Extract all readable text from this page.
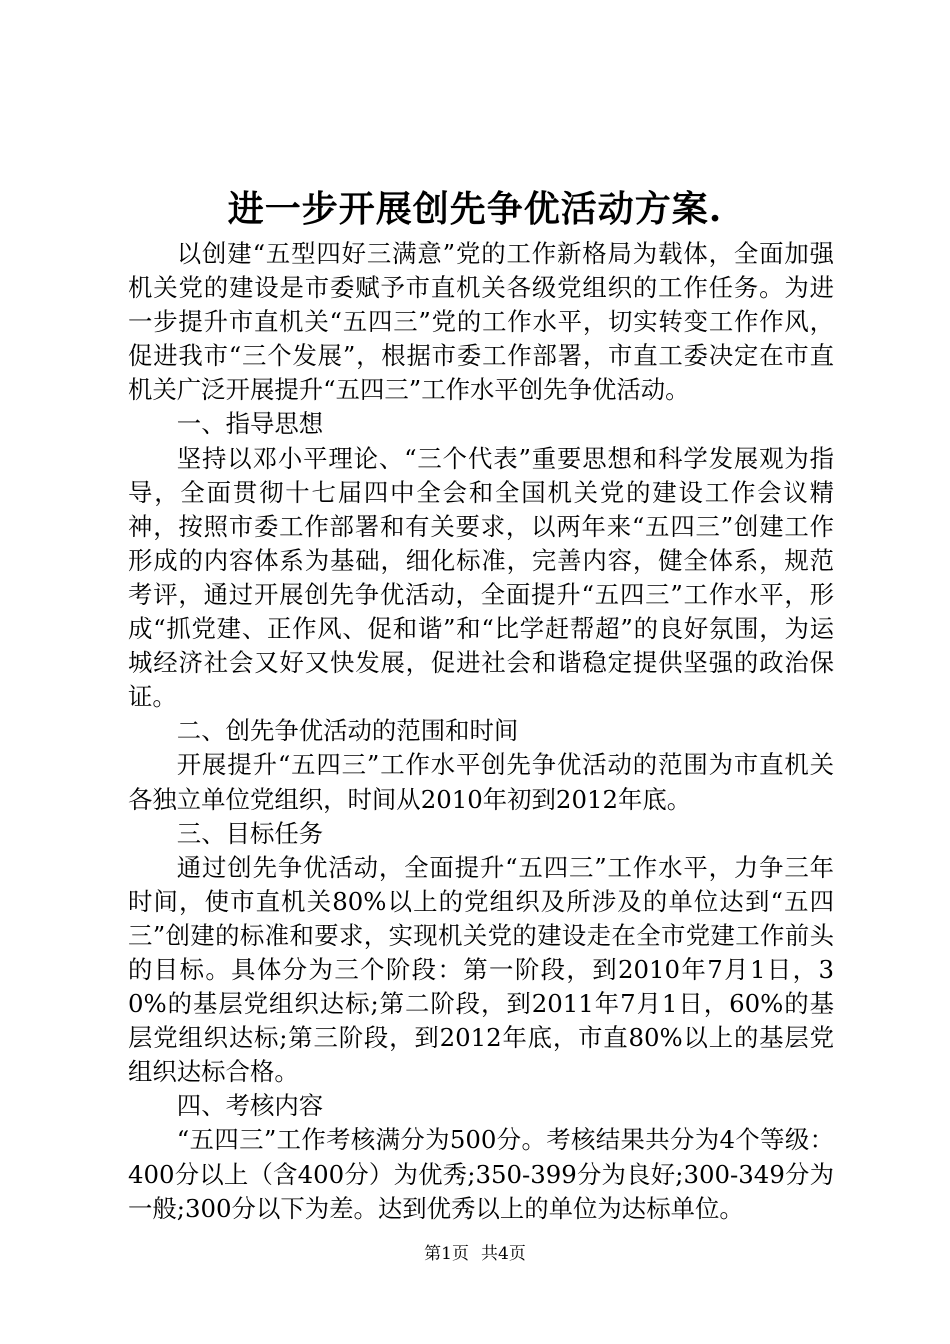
进一步开展创先争优活动方案.

以创建“五型四好三满意”党的工作新格局为载体，全面加强机关党的建设是市委赋予市直机关各级党组织的工作任务。为进一步提升市直机关“五四三”党的工作水平，切实转变工作作风，促进我市“三个发展”，根据市委工作部署，市直工委决定在市直机关广泛开展提升“五四三”工作水平创先争优活动。

一、指导思想

坚持以邓小平理论、“三个代表”重要思想和科学发展观为指导，全面贯彻十七届四中全会和全国机关党的建设工作会议精神，按照市委工作部署和有关要求，以两年来“五四三”创建工作形成的内容体系为基础，细化标准，完善内容，健全体系，规范考评，通过开展创先争优活动，全面提升“五四三”工作水平，形成“抓党建、正作风、促和谐”和“比学赶帮超”的良好氛围，为运城经济社会又好又快发展，促进社会和谐稳定提供坚强的政治保证。

二、创先争优活动的范围和时间

开展提升“五四三”工作水平创先争优活动的范围为市直机关各独立单位党组织，时间从2010年初到2012年底。

三、目标任务

通过创先争优活动，全面提升“五四三”工作水平，力争三年时间，使市直机关80%以上的党组织及所涉及的单位达到“五四三”创建的标准和要求，实现机关党的建设走在全市党建工作前头的目标。具体分为三个阶段：第一阶段，到2010年7月1日，30%的基层党组织达标;第二阶段，到2011年7月1日，60%的基层党组织达标;第三阶段，到2012年底，市直80%以上的基层党组织达标合格。

四、考核内容

“五四三”工作考核满分为500分。考核结果共分为4个等级：400分以上（含400分）为优秀;350-399分为良好;300-349分为一般;300分以下为差。达到优秀以上的单位为达标单位。

第1页 共4页
